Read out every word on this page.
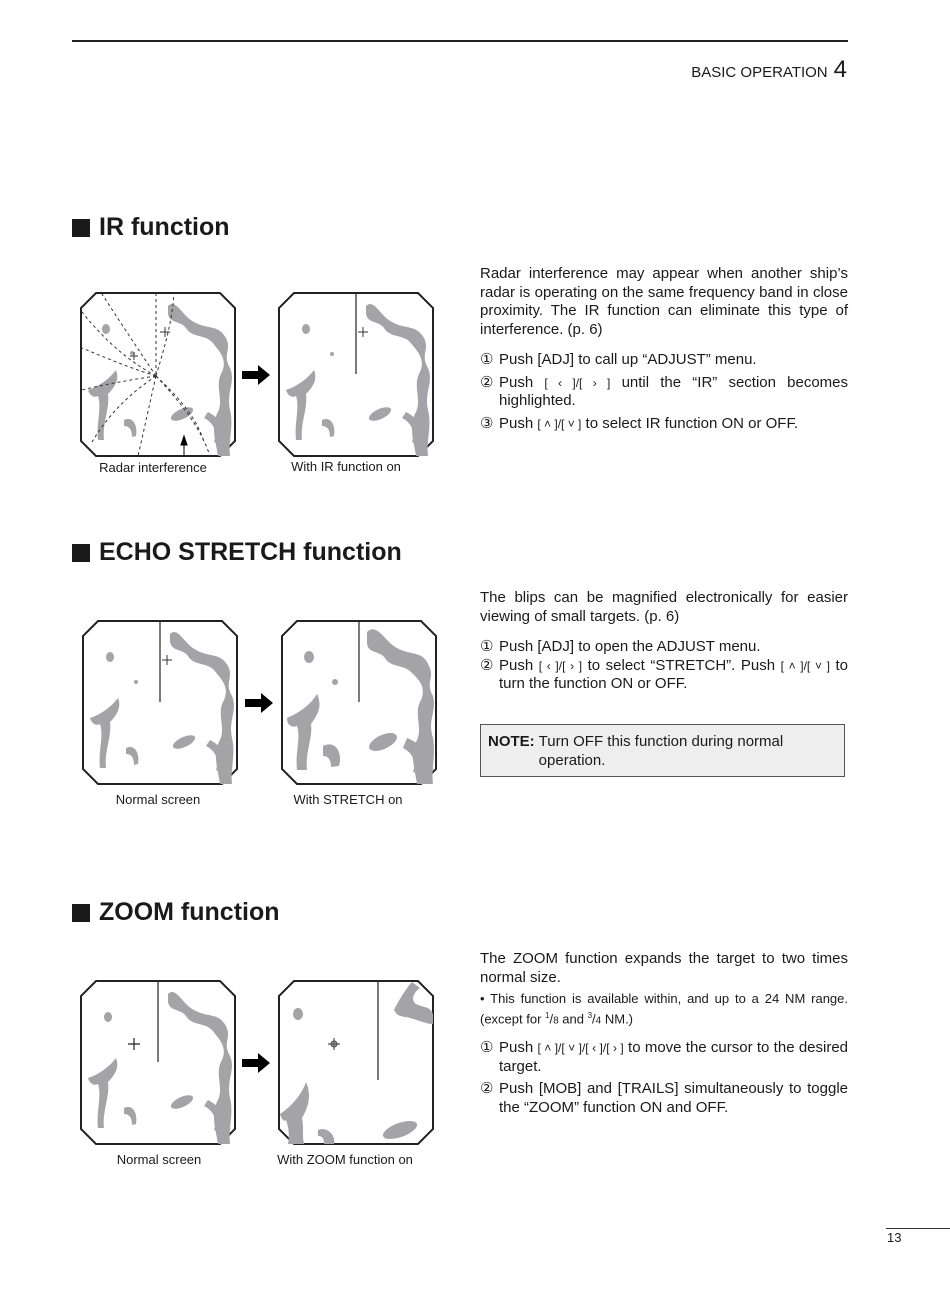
BASIC OPERATION 4
IR function

Radar interference may appear when another ship’s radar is operating on the same frequency band in close proximity. The IR function can eliminate this type of interference. (p. 6)

① Push [ADJ] to call up “ADJUST” menu.
② Push [ ‹ ]/[ › ] until the “IR” section becomes highlighted.
③ Push [ ˄ ]/[ ˅ ] to select IR function ON or OFF.
ECHO STRETCH function

The blips can be magnified electronically for easier viewing of small targets. (p. 6)

① Push [ADJ] to open the ADJUST menu.
② Push [ ‹ ]/[ › ] to select “STRETCH”. Push [ ˄ ]/[ ˅ ] to turn the function ON or OFF.
NOTE: Turn OFF this function during normal operation.
ZOOM function

The ZOOM function expands the target to two times normal size.

• This function is available within, and up to a 24 NM range. (except for $^1$/8 and $^3$/4 NM.)

① Push [ ˄ ]/[ ˅ ]/[ ‹ ]/[ › ] to move the cursor to the desired target.
② Push [MOB] and [TRAILS] simultaneously to toggle the “ZOOM” function ON and OFF.
Radar interference	With IR function on
Normal screen	With STRETCH on
Normal screen	With ZOOM function on
13
